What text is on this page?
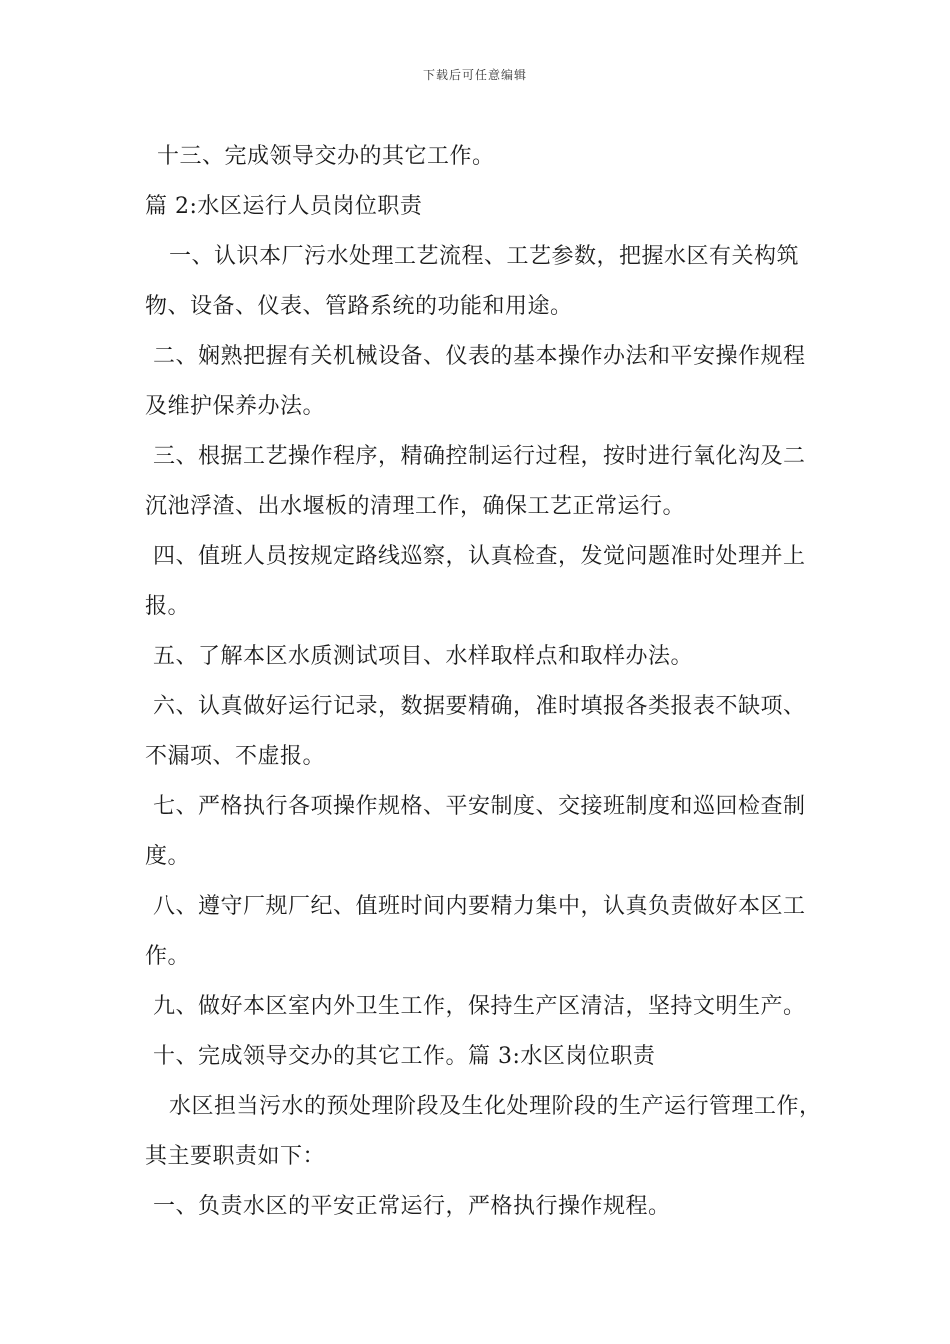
下载后可任意编辑
十三、完成领导交办的其它工作。
篇 2:水区运行人员岗位职责
一、认识本厂污水处理工艺流程、工艺参数，把握水区有关构筑
物、设备、仪表、管路系统的功能和用途。
二、娴熟把握有关机械设备、仪表的基本操作办法和平安操作规程
及维护保养办法。
三、根据工艺操作程序，精确控制运行过程，按时进行氧化沟及二
沉池浮渣、出水堰板的清理工作，确保工艺正常运行。
四、值班人员按规定路线巡察，认真检查，发觉问题准时处理并上
报。
五、了解本区水质测试项目、水样取样点和取样办法。
六、认真做好运行记录，数据要精确，准时填报各类报表不缺项、
不漏项、不虚报。
七、严格执行各项操作规格、平安制度、交接班制度和巡回检查制
度。
八、遵守厂规厂纪、值班时间内要精力集中，认真负责做好本区工
作。
九、做好本区室内外卫生工作，保持生产区清洁，坚持文明生产。
十、完成领导交办的其它工作。篇 3:水区岗位职责
水区担当污水的预处理阶段及生化处理阶段的生产运行管理工作，
其主要职责如下：
一、负责水区的平安正常运行，严格执行操作规程。
